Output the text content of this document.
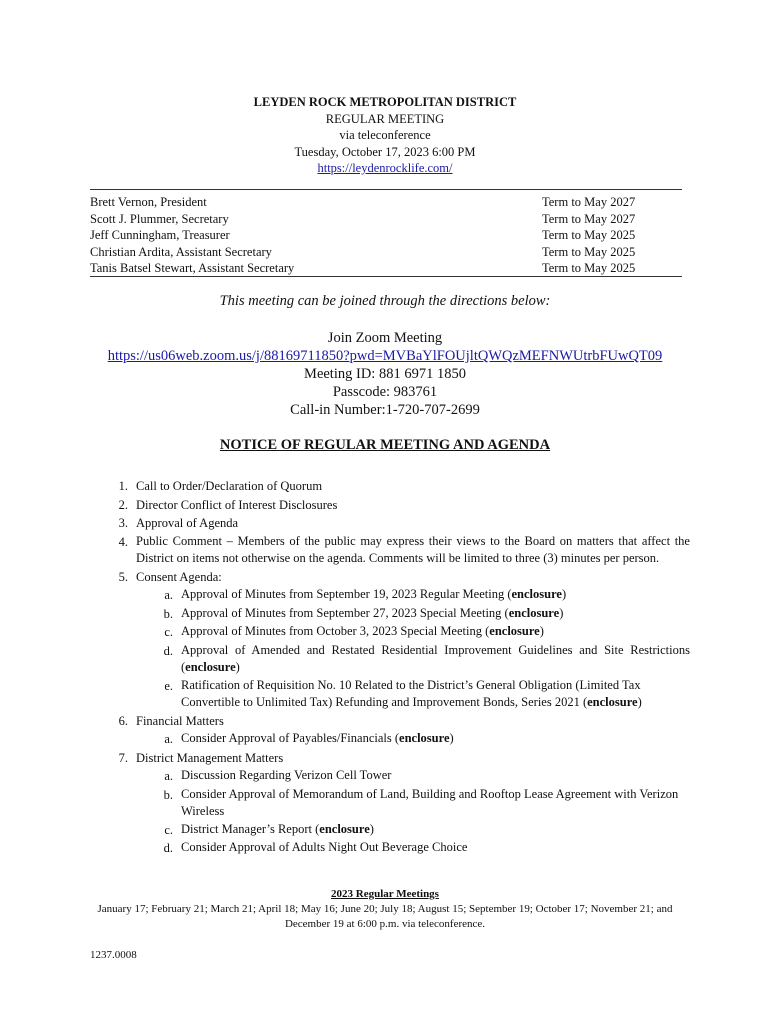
LEYDEN ROCK METROPOLITAN DISTRICT
REGULAR MEETING
via teleconference
Tuesday, October 17, 2023 6:00 PM
https://leydenrocklife.com/
Brett Vernon, President	Term to May 2027
Scott J. Plummer, Secretary	Term to May 2027
Jeff Cunningham, Treasurer	Term to May 2025
Christian Ardita, Assistant Secretary	Term to May 2025
Tanis Batsel Stewart, Assistant Secretary	Term to May 2025
This meeting can be joined through the directions below:
Join Zoom Meeting
https://us06web.zoom.us/j/88169711850?pwd=MVBaYlFOUjltQWQzMEFNWUtrbFUwQT09
Meeting ID: 881 6971 1850
Passcode: 983761
Call-in Number:1-720-707-2699
NOTICE OF REGULAR MEETING AND AGENDA
1. Call to Order/Declaration of Quorum
2. Director Conflict of Interest Disclosures
3. Approval of Agenda
4. Public Comment – Members of the public may express their views to the Board on matters that affect the District on items not otherwise on the agenda. Comments will be limited to three (3) minutes per person.
5. Consent Agenda:
a. Approval of Minutes from September 19, 2023 Regular Meeting (enclosure)
b. Approval of Minutes from September 27, 2023 Special Meeting (enclosure)
c. Approval of Minutes from October 3, 2023 Special Meeting (enclosure)
d. Approval of Amended and Restated Residential Improvement Guidelines and Site Restrictions (enclosure)
e. Ratification of Requisition No. 10 Related to the District’s General Obligation (Limited Tax Convertible to Unlimited Tax) Refunding and Improvement Bonds, Series 2021 (enclosure)
6. Financial Matters
a. Consider Approval of Payables/Financials (enclosure)
7. District Management Matters
a. Discussion Regarding Verizon Cell Tower
b. Consider Approval of Memorandum of Land, Building and Rooftop Lease Agreement with Verizon Wireless
c. District Manager’s Report (enclosure)
d. Consider Approval of Adults Night Out Beverage Choice
2023 Regular Meetings
January 17; February 21; March 21; April 18; May 16; June 20; July 18; August 15; September 19; October 17; November 21; and December 19 at 6:00 p.m. via teleconference.
1237.0008
